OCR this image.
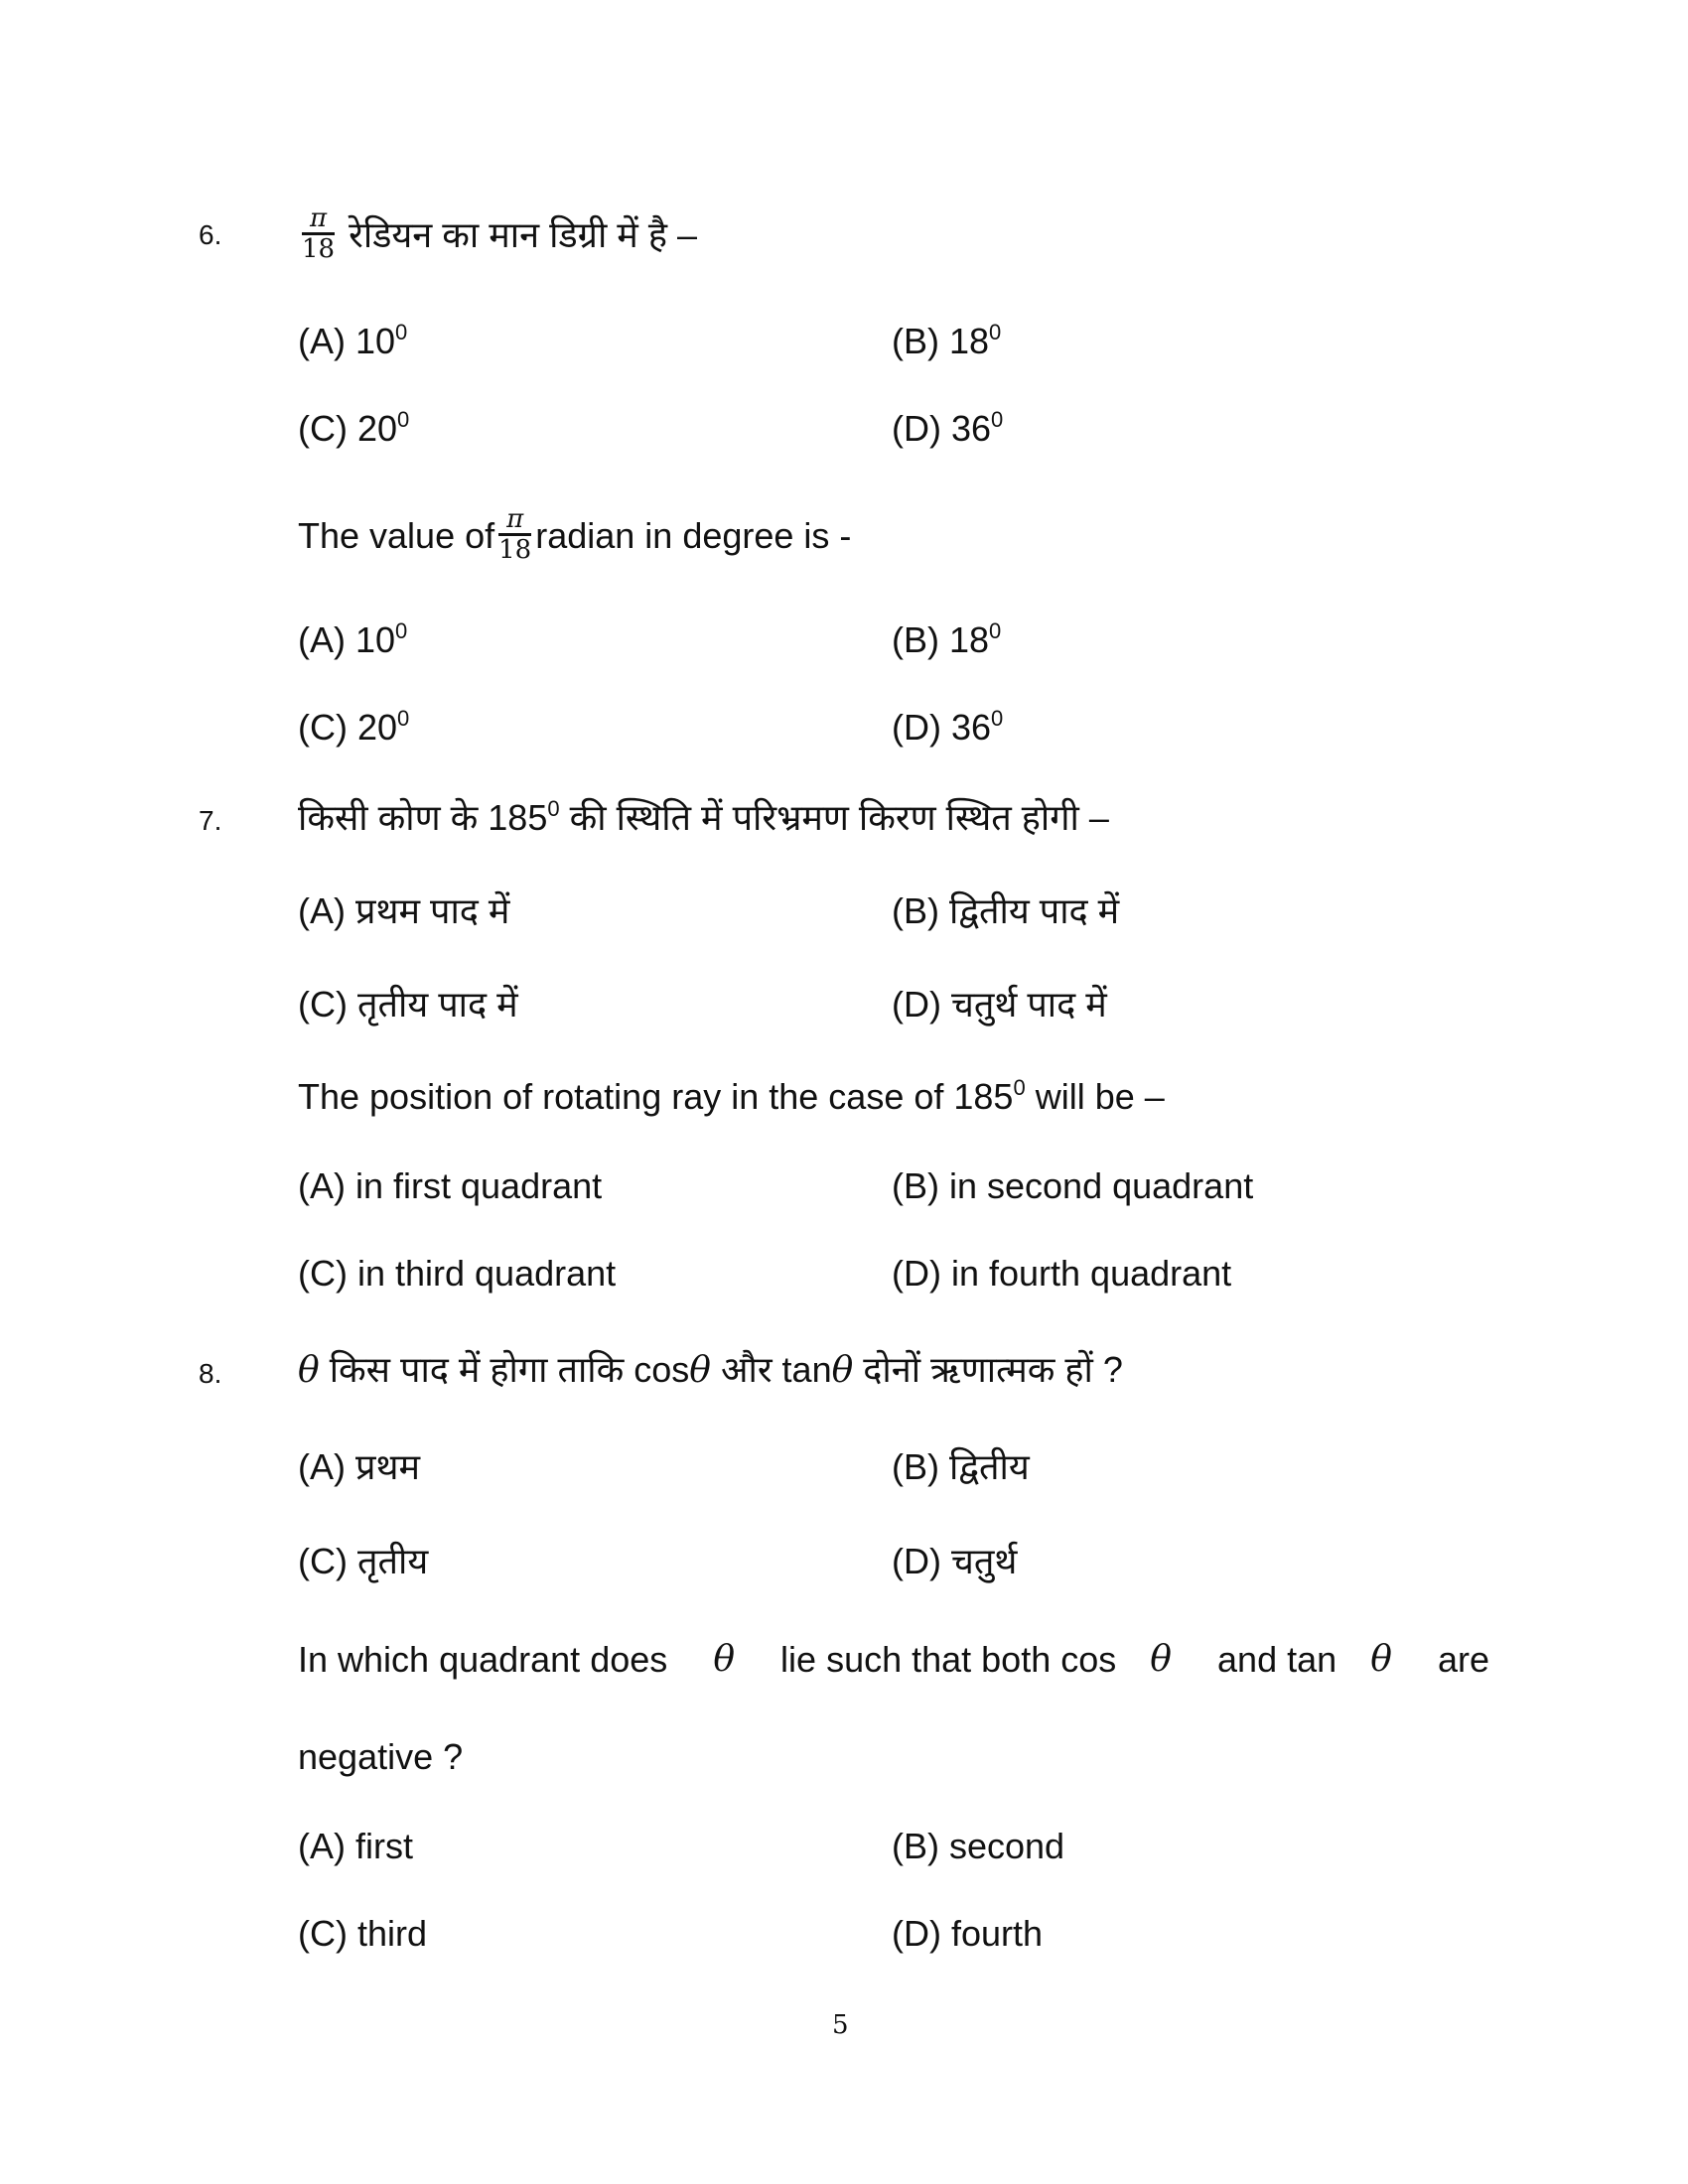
6.	$\frac{\pi}{18}$ रेडियन का मान डिग्री में है –
(A) $10^0$	(B) $18^0$
(C) $20^0$	(D) $36^0$
The value of $\frac{\pi}{18}$ radian in degree is -
(A) $10^0$	(B) $18^0$
(C) $20^0$	(D) $36^0$
7. किसी कोण के $185^0$ की स्थिति में परिभ्रमण किरण स्थित होगी –
(A) प्रथम पाद में	(B) द्वितीय पाद में
(C) तृतीय पाद में	(D) चतुर्थ पाद में
The position of rotating ray in the case of $185^0$ will be –
(A) in first quadrant	(B) in second quadrant
(C) in third quadrant	(D) in fourth quadrant
8. θ किस पाद में होगा ताकि cosθ और tanθ दोनों ऋणात्मक हों ?
(A) प्रथम	(B) द्वितीय
(C) तृतीय	(D) चतुर्थ
In which quadrant does θ lie such that both cos θ and tan θ are
negative ?
(A) first	(B) second
(C) third	(D) fourth
5
